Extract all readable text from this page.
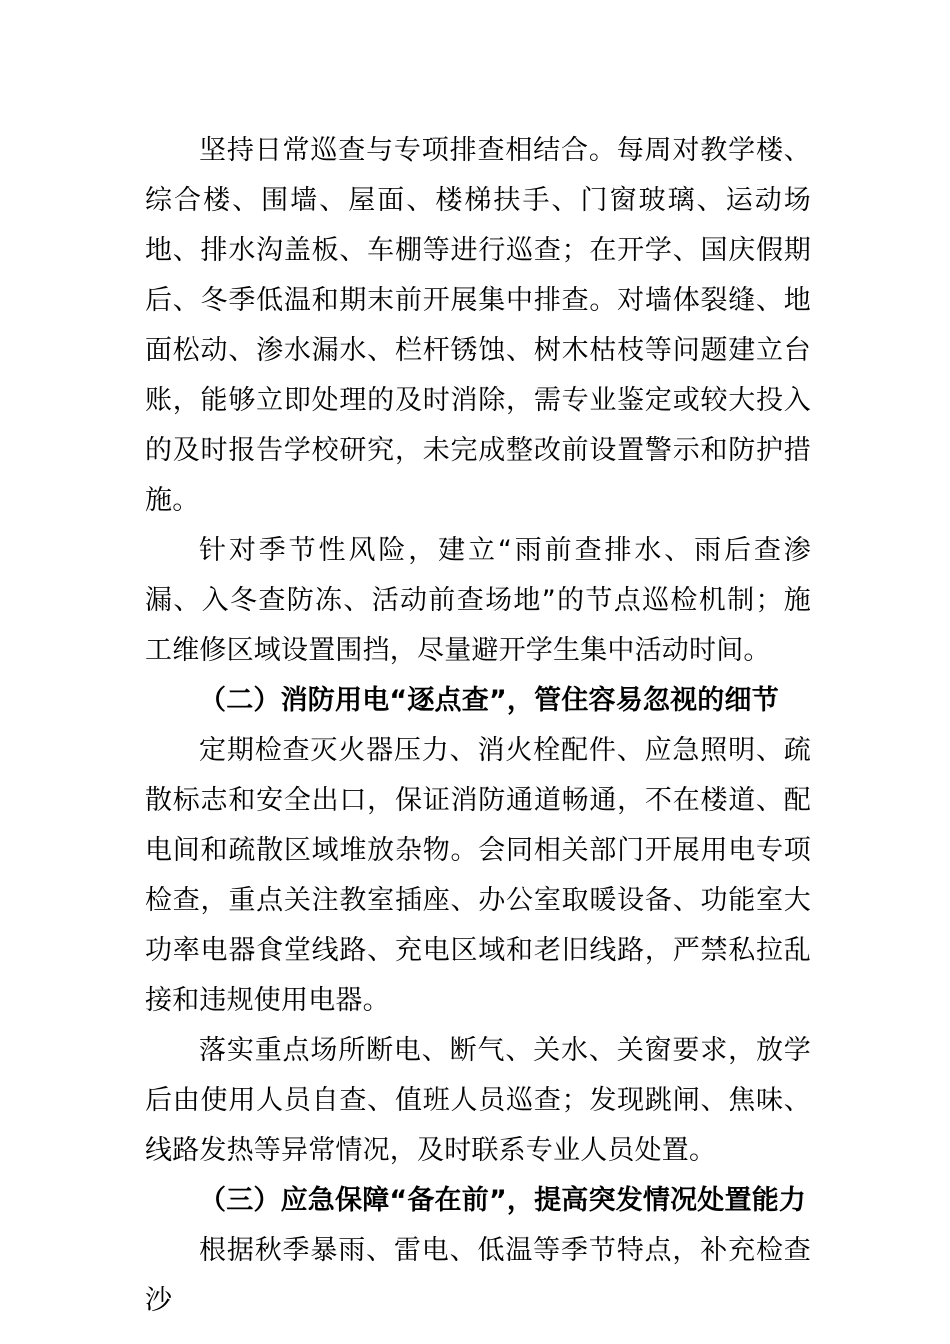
坚持日常巡查与专项排查相结合。每周对教学楼、综合楼、围墙、屋面、楼梯扶手、门窗玻璃、运动场地、排水沟盖板、车棚等进行巡查；在开学、国庆假期后、冬季低温和期末前开展集中排查。对墙体裂缝、地面松动、渗水漏水、栏杆锈蚀、树木枯枝等问题建立台账，能够立即处理的及时消除，需专业鉴定或较大投入的及时报告学校研究，未完成整改前设置警示和防护措施。

针对季节性风险，建立“雨前查排水、雨后查渗漏、入冬查防冻、活动前查场地”的节点巡检机制；施工维修区域设置围挡，尽量避开学生集中活动时间。

（二）消防用电“逐点查”，管住容易忽视的细节

定期检查灭火器压力、消火栓配件、应急照明、疏散标志和安全出口，保证消防通道畅通，不在楼道、配电间和疏散区域堆放杂物。会同相关部门开展用电专项检查，重点关注教室插座、办公室取暖设备、功能室大功率电器食堂线路、充电区域和老旧线路，严禁私拉乱接和违规使用电器。

落实重点场所断电、断气、关水、关窗要求，放学后由使用人员自查、值班人员巡查；发现跳闸、焦味、线路发热等异常情况，及时联系专业人员处置。

（三）应急保障“备在前”，提高突发情况处置能力

根据秋季暴雨、雷电、低温等季节特点，补充检查沙
